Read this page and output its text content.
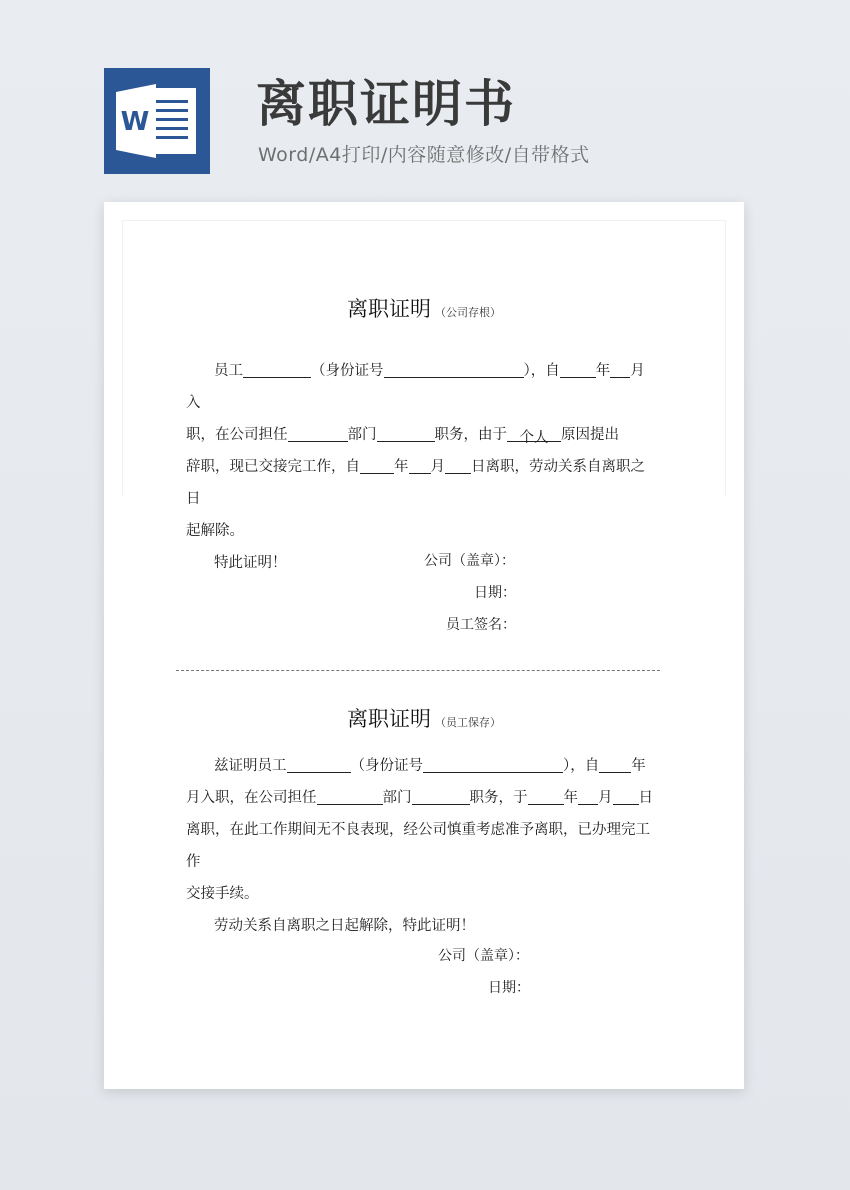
W 离职证明书
Word/A4打印/内容随意修改/自带格式
离职证明 （公司存根）
员工	（身份证号	），自 年 月入
职，在公司担任	部门	职务，由于 个人 原因提出
辞职，现已交接完工作，自 年 月 日离职，劳动关系自离职之日
起解除。
特此证明！	公司（盖章）：
日期：
员工签名：
离职证明 （员工保存）
兹证明员工	（身份证号	），自 年
月入职，在公司担任	部门	职务，于 年 月 日
离职，在此工作期间无不良表现，经公司慎重考虑准予离职，已办理完工作
交接手续。
劳动关系自离职之日起解除，特此证明！
公司（盖章）：
日期：
